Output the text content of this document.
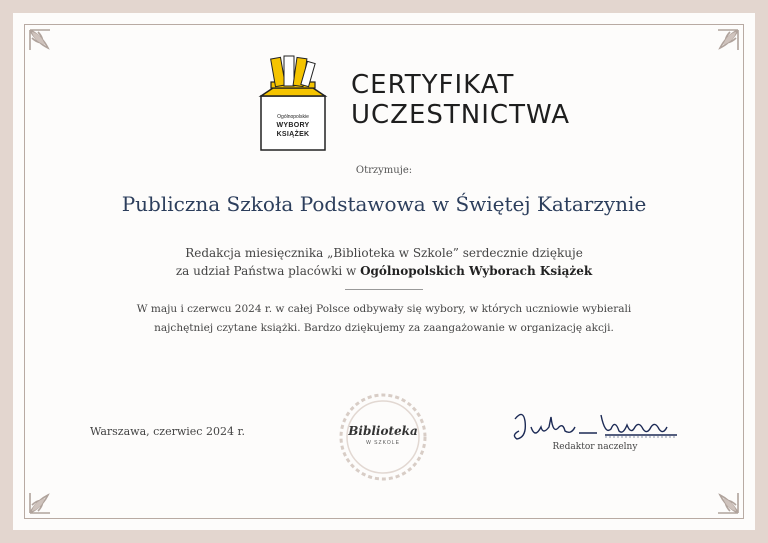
Ogólnopolskie
WYBORY
KSIĄŻEK
CERTYFIKAT
UCZESTNICTWA
Otrzymuje:
Publiczna Szkoła Podstawowa w Świętej Katarzynie
Redakcja miesięcznika „Biblioteka w Szkole” serdecznie dziękuje
za udział Państwa placówki w Ogólnopolskich Wyborach Książek
W maju i czerwcu 2024 r. w całej Polsce odbywały się wybory, w których uczniowie wybierali
najchętniej czytane książki. Bardzo dziękujemy za zaangażowanie w organizację akcji.
Warszawa, czerwiec 2024 r.	Biblioteka
W SZKOLE	Redaktor naczelny
